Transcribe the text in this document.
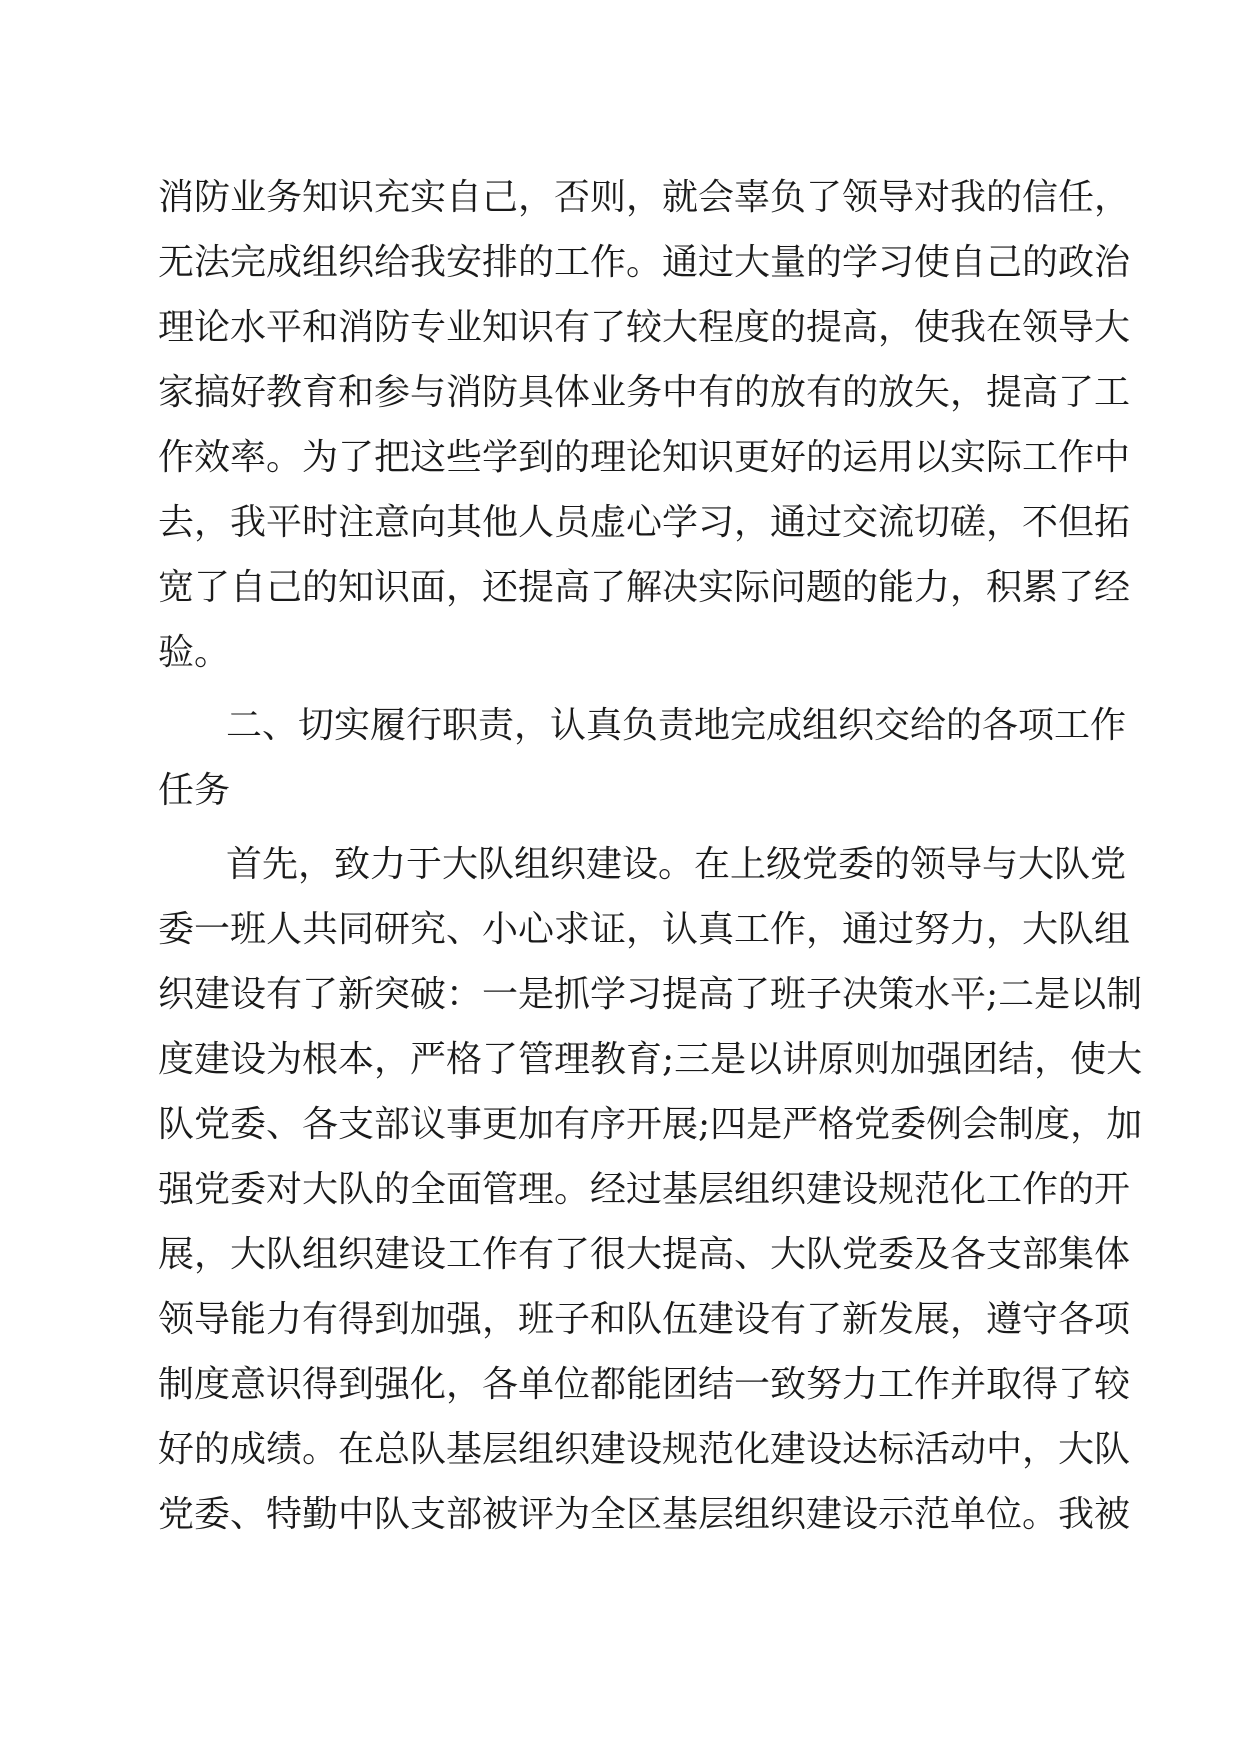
消防业务知识充实自己，否则，就会辜负了领导对我的信任，
无法完成组织给我安排的工作。通过大量的学习使自己的政治
理论水平和消防专业知识有了较大程度的提高，使我在领导大
家搞好教育和参与消防具体业务中有的放有的放矢，提高了工
作效率。为了把这些学到的理论知识更好的运用以实际工作中
去，我平时注意向其他人员虚心学习，通过交流切磋，不但拓
宽了自己的知识面，还提高了解决实际问题的能力，积累了经
验。
二、切实履行职责，认真负责地完成组织交给的各项工作
任务
首先，致力于大队组织建设。在上级党委的领导与大队党
委一班人共同研究、小心求证，认真工作，通过努力，大队组
织建设有了新突破：一是抓学习提高了班子决策水平;二是以制
度建设为根本，严格了管理教育;三是以讲原则加强团结，使大
队党委、各支部议事更加有序开展;四是严格党委例会制度，加
强党委对大队的全面管理。经过基层组织建设规范化工作的开
展，大队组织建设工作有了很大提高、大队党委及各支部集体
领导能力有得到加强，班子和队伍建设有了新发展，遵守各项
制度意识得到强化，各单位都能团结一致努力工作并取得了较
好的成绩。在总队基层组织建设规范化建设达标活动中，大队
党委、特勤中队支部被评为全区基层组织建设示范单位。我被
